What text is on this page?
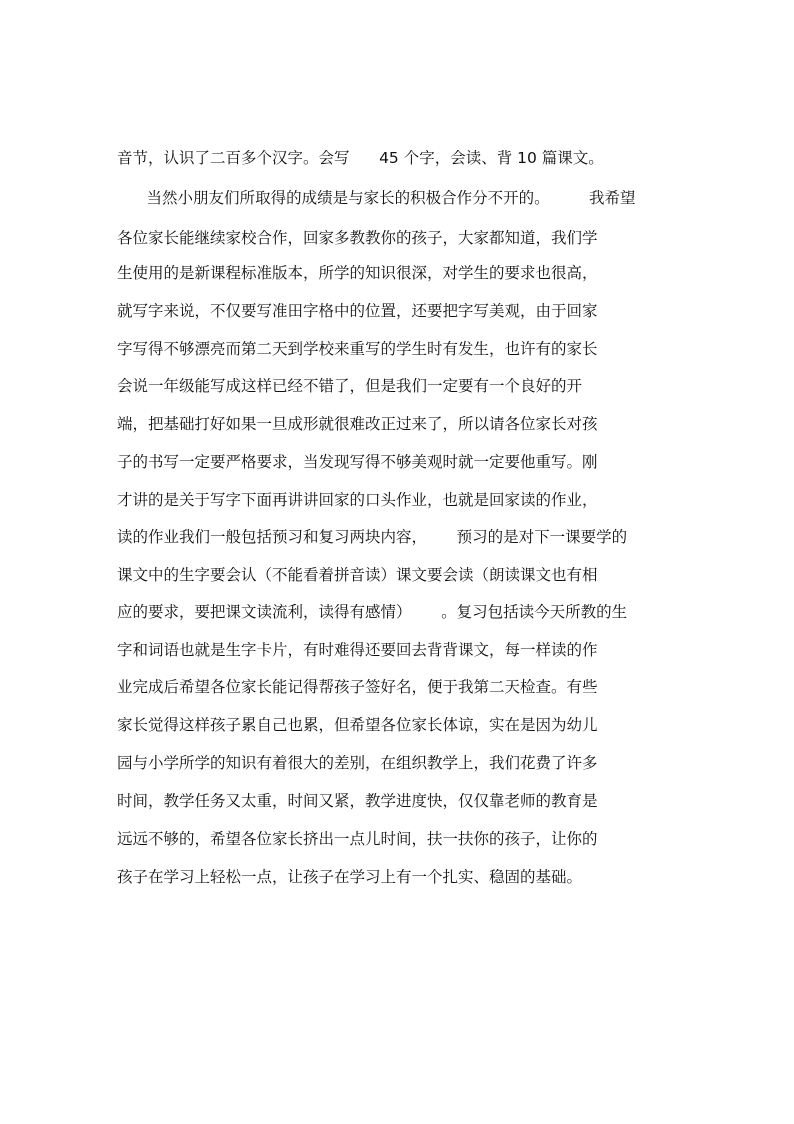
音节，认识了二百多个汉字。会写      45 个字，会读、背 10 篇课文。
当然小朋友们所取得的成绩是与家长的积极合作分不开的。        我希望
各位家长能继续家校合作，回家多教教你的孩子，大家都知道，我们学
生使用的是新课程标准版本，所学的知识很深，对学生的要求也很高，
就写字来说，不仅要写准田字格中的位置，还要把字写美观，由于回家
字写得不够漂亮而第二天到学校来重写的学生时有发生，也许有的家长
会说一年级能写成这样已经不错了，但是我们一定要有一个良好的开
端，把基础打好如果一旦成形就很难改正过来了，所以请各位家长对孩
子的书写一定要严格要求，当发现写得不够美观时就一定要他重写。刚
才讲的是关于写字下面再讲讲回家的口头作业，也就是回家读的作业，
读的作业我们一般包括预习和复习两块内容，      预习的是对下一课要学的
课文中的生字要会认（不能看着拼音读）课文要会读（朗读课文也有相
应的要求，要把课文读流利，读得有感情）      。复习包括读今天所教的生
字和词语也就是生字卡片，有时难得还要回去背背课文，每一样读的作
业完成后希望各位家长能记得帮孩子签好名，便于我第二天检查。有些
家长觉得这样孩子累自己也累，但希望各位家长体谅，实在是因为幼儿
园与小学所学的知识有着很大的差别，在组织教学上，我们花费了许多
时间，教学任务又太重，时间又紧，教学进度快，仅仅靠老师的教育是
远远不够的，希望各位家长挤出一点儿时间，扶一扶你的孩子，让你的
孩子在学习上轻松一点，让孩子在学习上有一个扎实、稳固的基础。
